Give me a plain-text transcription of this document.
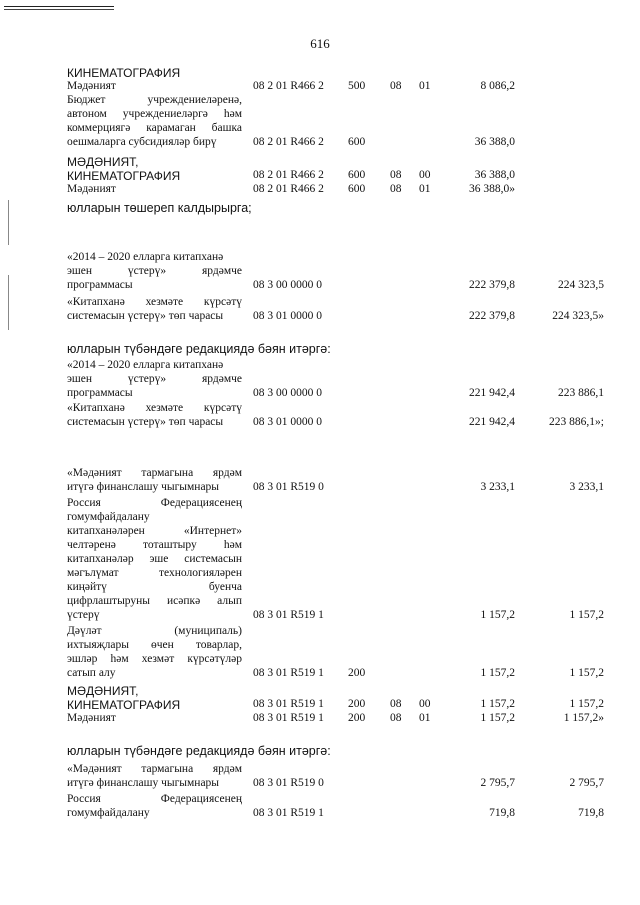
616
КИНЕМАТОГРАФИЯ
Мәдәният	08 2 01 R466 2 500 08 01	8 086,2
Бюджет учреждениеләренә,
автоном учреждениеләргә һәм
коммерциягә карамаган башка
оешмаларга субсидияләр бирү	08 2 01 R466 2 600	36 388,0
МӘДӘНИЯТ,
КИНЕМАТОГРАФИЯ	08 2 01 R466 2 600 08 00	36 388,0
Мәдәният	08 2 01 R466 2 600 08 01	36 388,0»
юлларын төшереп калдырырга;
«2014 – 2020 елларга китапханә
эшен үстерү» ярдәмче
программасы	08 3 00 0000 0	222 379,8	224 323,5
«Китапханә хезмәте күрсәтү
системасын үстерү» төп чарасы	08 3 01 0000 0	222 379,8	224 323,5»
юлларын түбәндәге редакциядә бәян итәргә:
«2014 – 2020 елларга китапханә
эшен үстерү» ярдәмче
программасы	08 3 00 0000 0	221 942,4	223 886,1
«Китапханә хезмәте күрсәтү
системасын үстерү» төп чарасы	08 3 01 0000 0	221 942,4	223 886,1»;
«Мәдәният тармагына ярдәм
итүгә финанслашу чыгымнары	08 3 01 R519 0	3 233,1	3 233,1
Россия Федерациясенең
гомумфайдалану
китапханәләрен «Интернет»
челтәренә тоташтыру һәм
китапханәләр эше системасын
мәгълүмат технологияләрен
киңәйтү буенча
цифрлаштыруны исәпкә алып
үстерү	08 3 01 R519 1	1 157,2	1 157,2
Дәүләт (муниципаль)
ихтыяҗлары өчен товарлар,
эшләр һәм хезмәт күрсәтүләр
сатып алу	08 3 01 R519 1 200	1 157,2	1 157,2
МӘДӘНИЯТ,
КИНЕМАТОГРАФИЯ	08 3 01 R519 1 200 08 00	1 157,2	1 157,2
Мәдәният	08 3 01 R519 1 200 08 01	1 157,2	1 157,2»
юлларын түбәндәге редакциядә бәян итәргә:
«Мәдәният тармагына ярдәм
итүгә финанслашу чыгымнары	08 3 01 R519 0	2 795,7	2 795,7
Россия Федерациясенең
гомумфайдалану	08 3 01 R519 1	719,8	719,8
